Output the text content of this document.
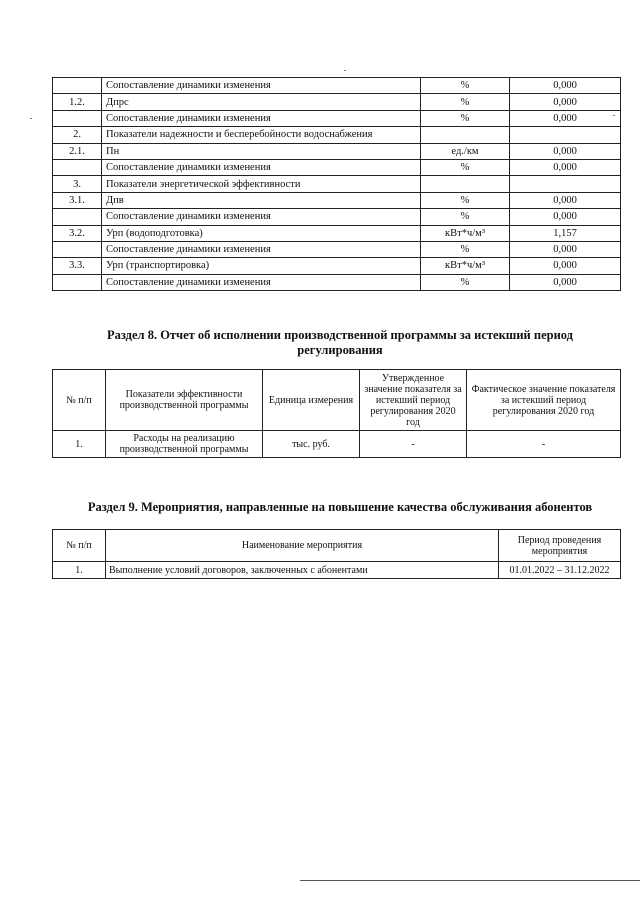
	Сопоставление динамики изменения	%	0,000
1.2.	Дпрс	%	0,000
	Сопоставление динамики изменения	%	0,000
2.	Показатели надежности и бесперебойности водоснабжения		
2.1.	Пн	ед./км	0,000
	Сопоставление динамики изменения	%	0,000
3.	Показатели энергетической эффективности		
3.1.	Дпв	%	0,000
	Сопоставление динамики изменения	%	0,000
3.2.	Урп (водоподготовка)	кВт*ч/м³	1,157
	Сопоставление динамики изменения	%	0,000
3.3.	Урп (транспортировка)	кВт*ч/м³	0,000
	Сопоставление динамики изменения	%	0,000
Раздел 8. Отчет об исполнении производственной программы за истекший период
регулирования
№ п/п	Показатели эффективности производственной программы	Единица измерения	Утвержденное значение показателя за истекший период регулирования 2020 год	Фактическое значение показателя за истекший период регулирования 2020 год
1.	Расходы на реализацию производственной программы	тыс. руб.	-	-
Раздел 9. Мероприятия, направленные на повышение качества обслуживания абонентов
№ п/п	Наименование мероприятия	Период проведения мероприятия
1.	Выполнение условий договоров, заключенных с абонентами	01.01.2022 – 31.12.2022
